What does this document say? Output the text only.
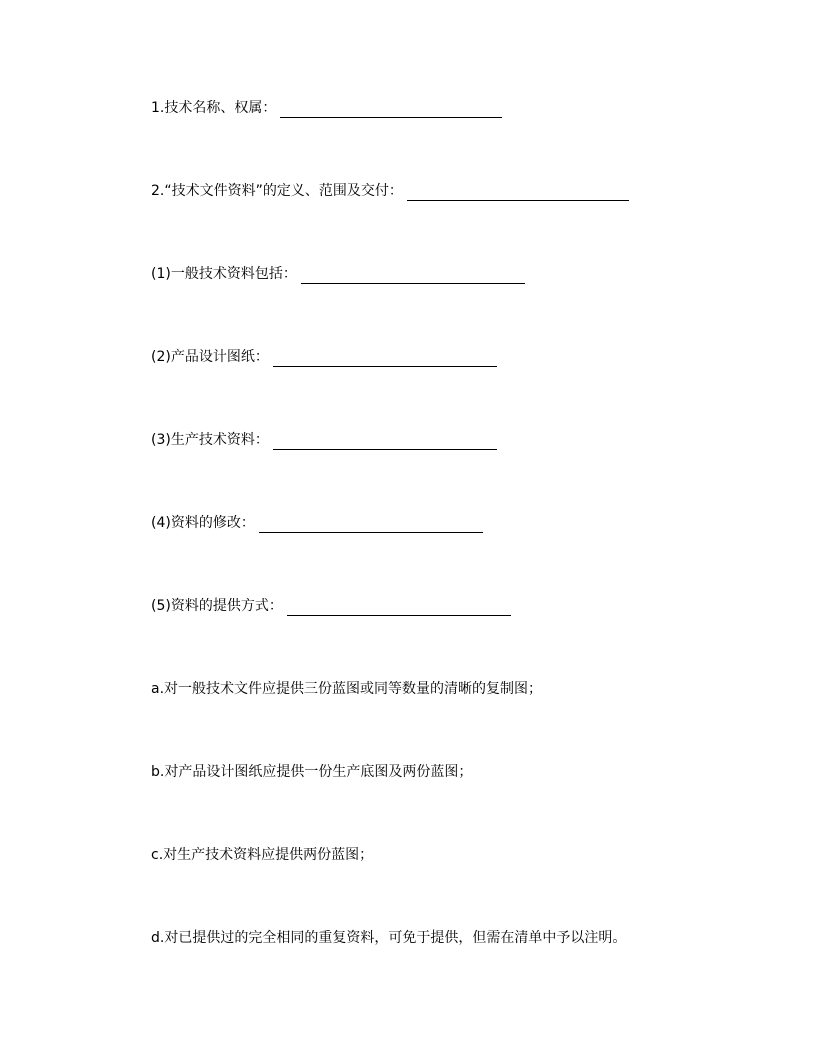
1.技术名称、权属：
2.“技术文件资料”的定义、范围及交付：
(1)一般技术资料包括：
(2)产品设计图纸：
(3)生产技术资料：
(4)资料的修改：
(5)资料的提供方式：
a.对一般技术文件应提供三份蓝图或同等数量的清晰的复制图；
b.对产品设计图纸应提供一份生产底图及两份蓝图；
c.对生产技术资料应提供两份蓝图；
d.对已提供过的完全相同的重复资料，可免于提供，但需在清单中予以注明。
